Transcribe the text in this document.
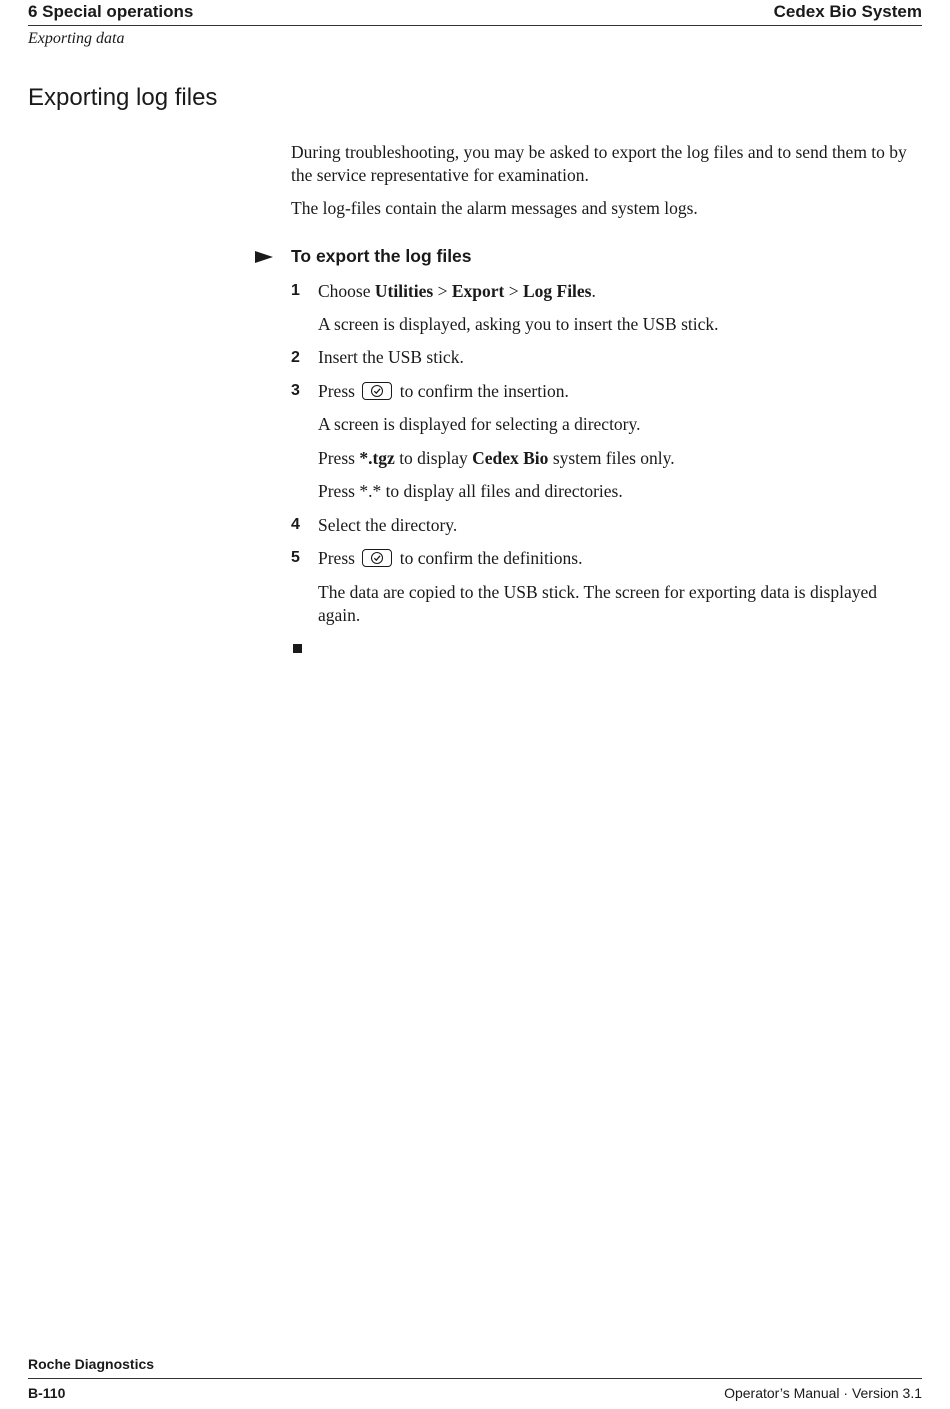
6 Special operations	Cedex Bio System
Exporting data
Exporting log files

During troubleshooting, you may be asked to export the log files and to send them to by the service representative for examination.

The log-files contain the alarm messages and system logs.

To export the log files
1 Choose Utilities > Export > Log Files.
A screen is displayed, asking you to insert the USB stick.
2 Insert the USB stick.
3 Press	to confirm the insertion.
A screen is displayed for selecting a directory.
Press *.tgz to display Cedex Bio system files only.
Press *.* to display all files and directories.
4 Select the directory.
5 Press	to confirm the definitions.
The data are copied to the USB stick. The screen for exporting data is displayed again.
Roche Diagnostics
B-110	Operator’s Manual · Version 3.1
